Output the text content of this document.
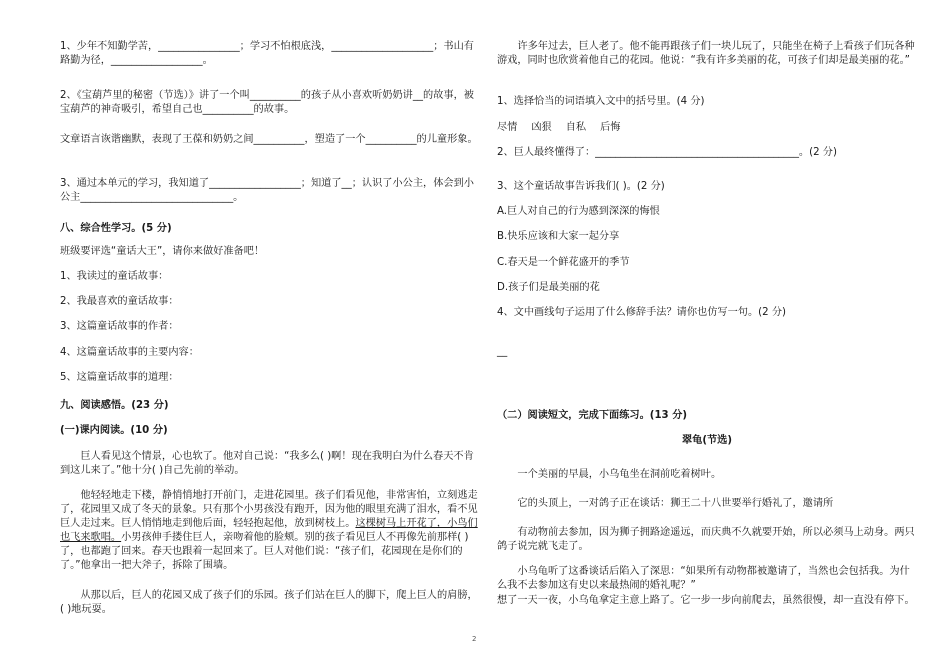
1、少年不知勤学苦，________________；学习不怕根底浅，____________________；书山有路勤为径，__________________。

2、《宝葫芦里的秘密（节选）》讲了一个叫__________的孩子从小喜欢听奶奶讲__的故事，被宝葫芦的神奇吸引，希望自己也__________的故事。

文章语言诙谐幽默，表现了王葆和奶奶之间__________，塑造了一个__________的儿童形象。

3、通过本单元的学习，我知道了__________________；知道了__；认识了小公主，体会到小公主______________________________。

八、综合性学习。(5 分)

班级要评选“童话大王”，请你来做好准备吧！

1、我读过的童话故事：

2、我最喜欢的童话故事：

3、这篇童话故事的作者：

4、这篇童话故事的主要内容：

5、这篇童话故事的道理：

九、阅读感悟。(23 分)

(一)课内阅读。(10 分)

巨人看见这个情景，心也软了。他对自己说：“我多么( )啊！现在我明白为什么春天不肯到这儿来了。”他十分( )自己先前的举动。

他轻轻地走下楼，静悄悄地打开前门，走进花园里。孩子们看见他，非常害怕，立刻逃走了，花园里又成了冬天的景象。只有那个小男孩没有跑开，因为他的眼里充满了泪水，看不见巨人走过来。巨人悄悄地走到他后面，轻轻抱起他，放到树枝上。这棵树马上开花了，小鸟们也飞来歌唱。小男孩伸手搂住巨人，亲吻着他的脸颊。别的孩子看见巨人不再像先前那样( )了，也都跑了回来。春天也跟着一起回来了。巨人对他们说：“孩子们，花园现在是你们的了。”他拿出一把大斧子，拆除了围墙。

从那以后，巨人的花园又成了孩子们的乐园。孩子们站在巨人的脚下，爬上巨人的肩膀，( )地玩耍。

许多年过去，巨人老了。他不能再跟孩子们一块儿玩了，只能坐在椅子上看孩子们玩各种游戏，同时也欣赏着他自己的花园。他说：“我有许多美丽的花，可孩子们却是最美丽的花。”

1、选择恰当的词语填入文中的括号里。(4 分)

尽情 凶狠 自私 后悔

2、巨人最终懂得了：________________________________________。(2 分)

3、这个童话故事告诉我们( )。(2 分)

A.巨人对自己的行为感到深深的悔恨

B.快乐应该和大家一起分享

C.春天是一个鲜花盛开的季节

D.孩子们是最美丽的花

4、文中画线句子运用了什么修辞手法？请你也仿写一句。(2 分)

__

（二）阅读短文，完成下面练习。(13 分)

翠龟(节选)

一个美丽的早晨，小乌龟坐在洞前吃着树叶。

它的头顶上，一对鸽子正在谈话：狮王二十八世要举行婚礼了，邀请所

有动物前去参加，因为狮子拥路途遥远，而庆典不久就要开始，所以必须马上动身。两只鸽子说完就飞走了。

小乌龟听了这番谈话后陷入了深思：“如果所有动物都被邀请了，当然也会包括我。为什么我不去参加这有史以来最热闹的婚礼呢？”

想了一天一夜，小乌龟拿定主意上路了。它一步一步向前爬去，虽然很慢，却一直没有停下。

2
